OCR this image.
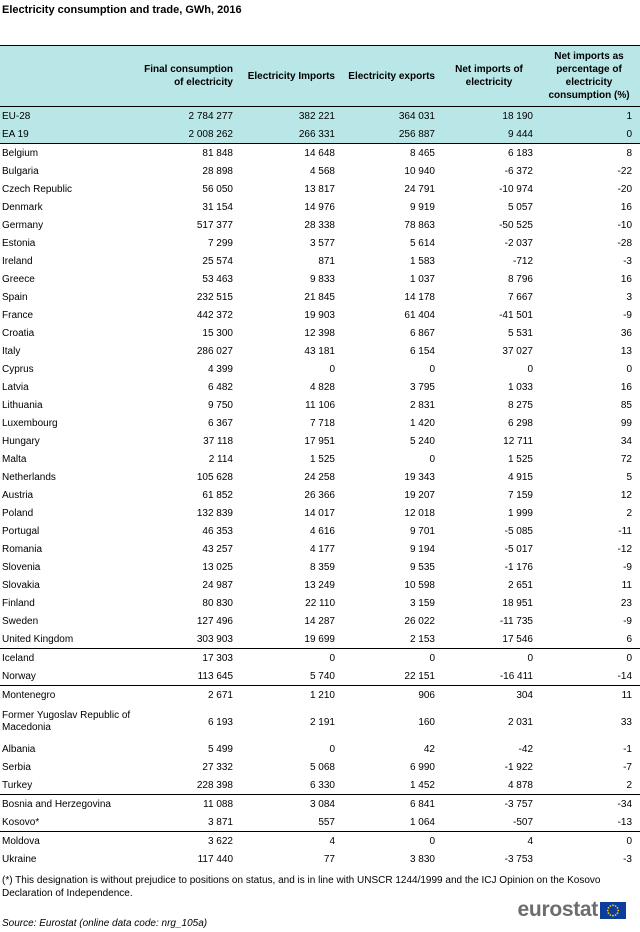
Electricity consumption and trade, GWh, 2016
	Final consumption of electricity	Electricity Imports	Electricity exports	Net imports of electricity	Net imports as percentage of electricity consumption (%)
EU-28	2 784 277	382 221	364 031	18 190	1
EA 19	2 008 262	266 331	256 887	9 444	0
Belgium	81 848	14 648	8 465	6 183	8
Bulgaria	28 898	4 568	10 940	-6 372	-22
Czech Republic	56 050	13 817	24 791	-10 974	-20
Denmark	31 154	14 976	9 919	5 057	16
Germany	517 377	28 338	78 863	-50 525	-10
Estonia	7 299	3 577	5 614	-2 037	-28
Ireland	25 574	871	1 583	-712	-3
Greece	53 463	9 833	1 037	8 796	16
Spain	232 515	21 845	14 178	7 667	3
France	442 372	19 903	61 404	-41 501	-9
Croatia	15 300	12 398	6 867	5 531	36
Italy	286 027	43 181	6 154	37 027	13
Cyprus	4 399	0	0	0	0
Latvia	6 482	4 828	3 795	1 033	16
Lithuania	9 750	11 106	2 831	8 275	85
Luxembourg	6 367	7 718	1 420	6 298	99
Hungary	37 118	17 951	5 240	12 711	34
Malta	2 114	1 525	0	1 525	72
Netherlands	105 628	24 258	19 343	4 915	5
Austria	61 852	26 366	19 207	7 159	12
Poland	132 839	14 017	12 018	1 999	2
Portugal	46 353	4 616	9 701	-5 085	-11
Romania	43 257	4 177	9 194	-5 017	-12
Slovenia	13 025	8 359	9 535	-1 176	-9
Slovakia	24 987	13 249	10 598	2 651	11
Finland	80 830	22 110	3 159	18 951	23
Sweden	127 496	14 287	26 022	-11 735	-9
United Kingdom	303 903	19 699	2 153	17 546	6
Iceland	17 303	0	0	0	0
Norway	113 645	5 740	22 151	-16 411	-14
Montenegro	2 671	1 210	906	304	11
Former Yugoslav Republic of Macedonia	6 193	2 191	160	2 031	33
Albania	5 499	0	42	-42	-1
Serbia	27 332	5 068	6 990	-1 922	-7
Turkey	228 398	6 330	1 452	4 878	2
Bosnia and Herzegovina	11 088	3 084	6 841	-3 757	-34
Kosovo*	3 871	557	1 064	-507	-13
Moldova	3 622	4	0	4	0
Ukraine	117 440	77	3 830	-3 753	-3
(*) This designation is without prejudice to positions on status, and is in line with UNSCR 1244/1999 and the ICJ Opinion on the Kosovo Declaration of Independence.
Source: Eurostat (online data code: nrg_105a)
eurostat
